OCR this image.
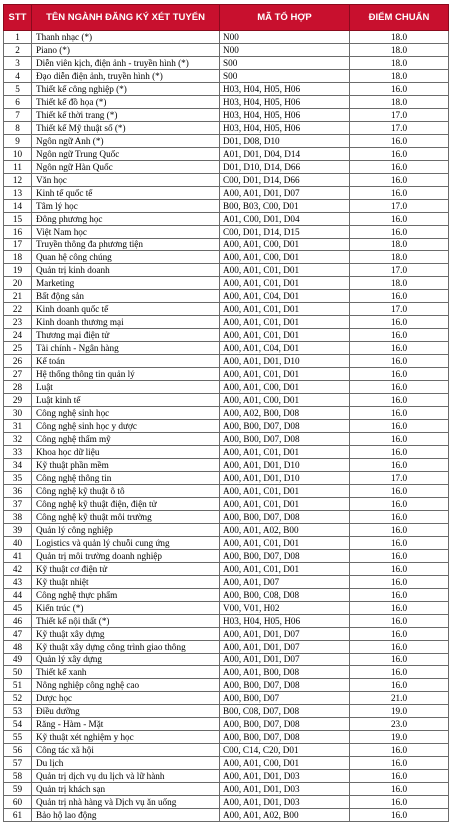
STT	TÊN NGÀNH ĐĂNG KÝ XÉT TUYỂN	MÃ TỔ HỢP	ĐIỂM CHUẨN
1	Thanh nhạc (*)	N00	18.0
2	Piano (*)	N00	18.0
3	Diễn viên kịch, điện ảnh - truyền hình (*)	S00	18.0
4	Đạo diễn điện ảnh, truyền hình (*)	S00	18.0
5	Thiết kế công nghiệp (*)	H03, H04, H05, H06	16.0
6	Thiết kế đồ họa (*)	H03, H04, H05, H06	18.0
7	Thiết kế thời trang (*)	H03, H04, H05, H06	17.0
8	Thiết kế Mỹ thuật số (*)	H03, H04, H05, H06	17.0
9	Ngôn ngữ Anh (*)	D01, D08, D10	16.0
10	Ngôn ngữ Trung Quốc	A01, D01, D04, D14	16.0
11	Ngôn ngữ Hàn Quốc	D01, D10, D14, D66	16.0
12	Văn học	C00, D01, D14, D66	16.0
13	Kinh tế quốc tế	A00, A01, D01, D07	16.0
14	Tâm lý học	B00, B03, C00, D01	17.0
15	Đông phương học	A01, C00, D01, D04	16.0
16	Việt Nam học	C00, D01, D14, D15	16.0
17	Truyền thông đa phương tiện	A00, A01, C00, D01	18.0
18	Quan hệ công chúng	A00, A01, C00, D01	18.0
19	Quản trị kinh doanh	A00, A01, C01, D01	17.0
20	Marketing	A00, A01, C01, D01	18.0
21	Bất động sản	A00, A01, C04, D01	16.0
22	Kinh doanh quốc tế	A00, A01, C01, D01	17.0
23	Kinh doanh thương mại	A00, A01, C01, D01	16.0
24	Thương mại điện tử	A00, A01, C01, D01	16.0
25	Tài chính - Ngân hàng	A00, A01, C04, D01	16.0
26	Kế toán	A00, A01, D01, D10	16.0
27	Hệ thống thông tin quản lý	A00, A01, C01, D01	16.0
28	Luật	A00, A01, C00, D01	16.0
29	Luật kinh tế	A00, A01, C00, D01	16.0
30	Công nghệ sinh học	A00, A02, B00, D08	16.0
31	Công nghệ sinh học y dược	A00, B00, D07, D08	16.0
32	Công nghệ thẩm mỹ	A00, B00, D07, D08	16.0
33	Khoa học dữ liệu	A00, A01, C01, D01	16.0
34	Kỹ thuật phần mềm	A00, A01, D01, D10	16.0
35	Công nghệ thông tin	A00, A01, D01, D10	17.0
36	Công nghệ kỹ thuật ô tô	A00, A01, C01, D01	16.0
37	Công nghệ kỹ thuật điện, điện tử	A00, A01, C01, D01	16.0
38	Công nghệ kỹ thuật môi trường	A00, B00, D07, D08	16.0
39	Quản lý công nghiệp	A00, A01, A02, B00	16.0
40	Logistics và quản lý chuỗi cung ứng	A00, A01, C01, D01	16.0
41	Quản trị môi trường doanh nghiệp	A00, B00, D07, D08	16.0
42	Kỹ thuật cơ điện tử	A00, A01, C01, D01	16.0
43	Kỹ thuật nhiệt	A00, A01, D07	16.0
44	Công nghệ thực phẩm	A00, B00, C08, D08	16.0
45	Kiến trúc (*)	V00, V01, H02	16.0
46	Thiết kế nội thất (*)	H03, H04, H05, H06	16.0
47	Kỹ thuật xây dựng	A00, A01, D01, D07	16.0
48	Kỹ thuật xây dựng công trình giao thông	A00, A01, D01, D07	16.0
49	Quản lý xây dựng	A00, A01, D01, D07	16.0
50	Thiết kế xanh	A00, A01, B00, D08	16.0
51	Nông nghiệp công nghệ cao	A00, B00, D07, D08	16.0
52	Dược học	A00, B00, D07	21.0
53	Điều dưỡng	B00, C08, D07, D08	19.0
54	Răng - Hàm - Mặt	A00, B00, D07, D08	23.0
55	Kỹ thuật xét nghiệm y học	A00, B00, D07, D08	19.0
56	Công tác xã hội	C00, C14, C20, D01	16.0
57	Du lịch	A00, A01, C00, D01	16.0
58	Quản trị dịch vụ du lịch và lữ hành	A00, A01, D01, D03	16.0
59	Quản trị khách sạn	A00, A01, D01, D03	16.0
60	Quản trị nhà hàng và Dịch vụ ăn uống	A00, A01, D01, D03	16.0
61	Bảo hộ lao động	A00, A01, A02, B00	16.0
